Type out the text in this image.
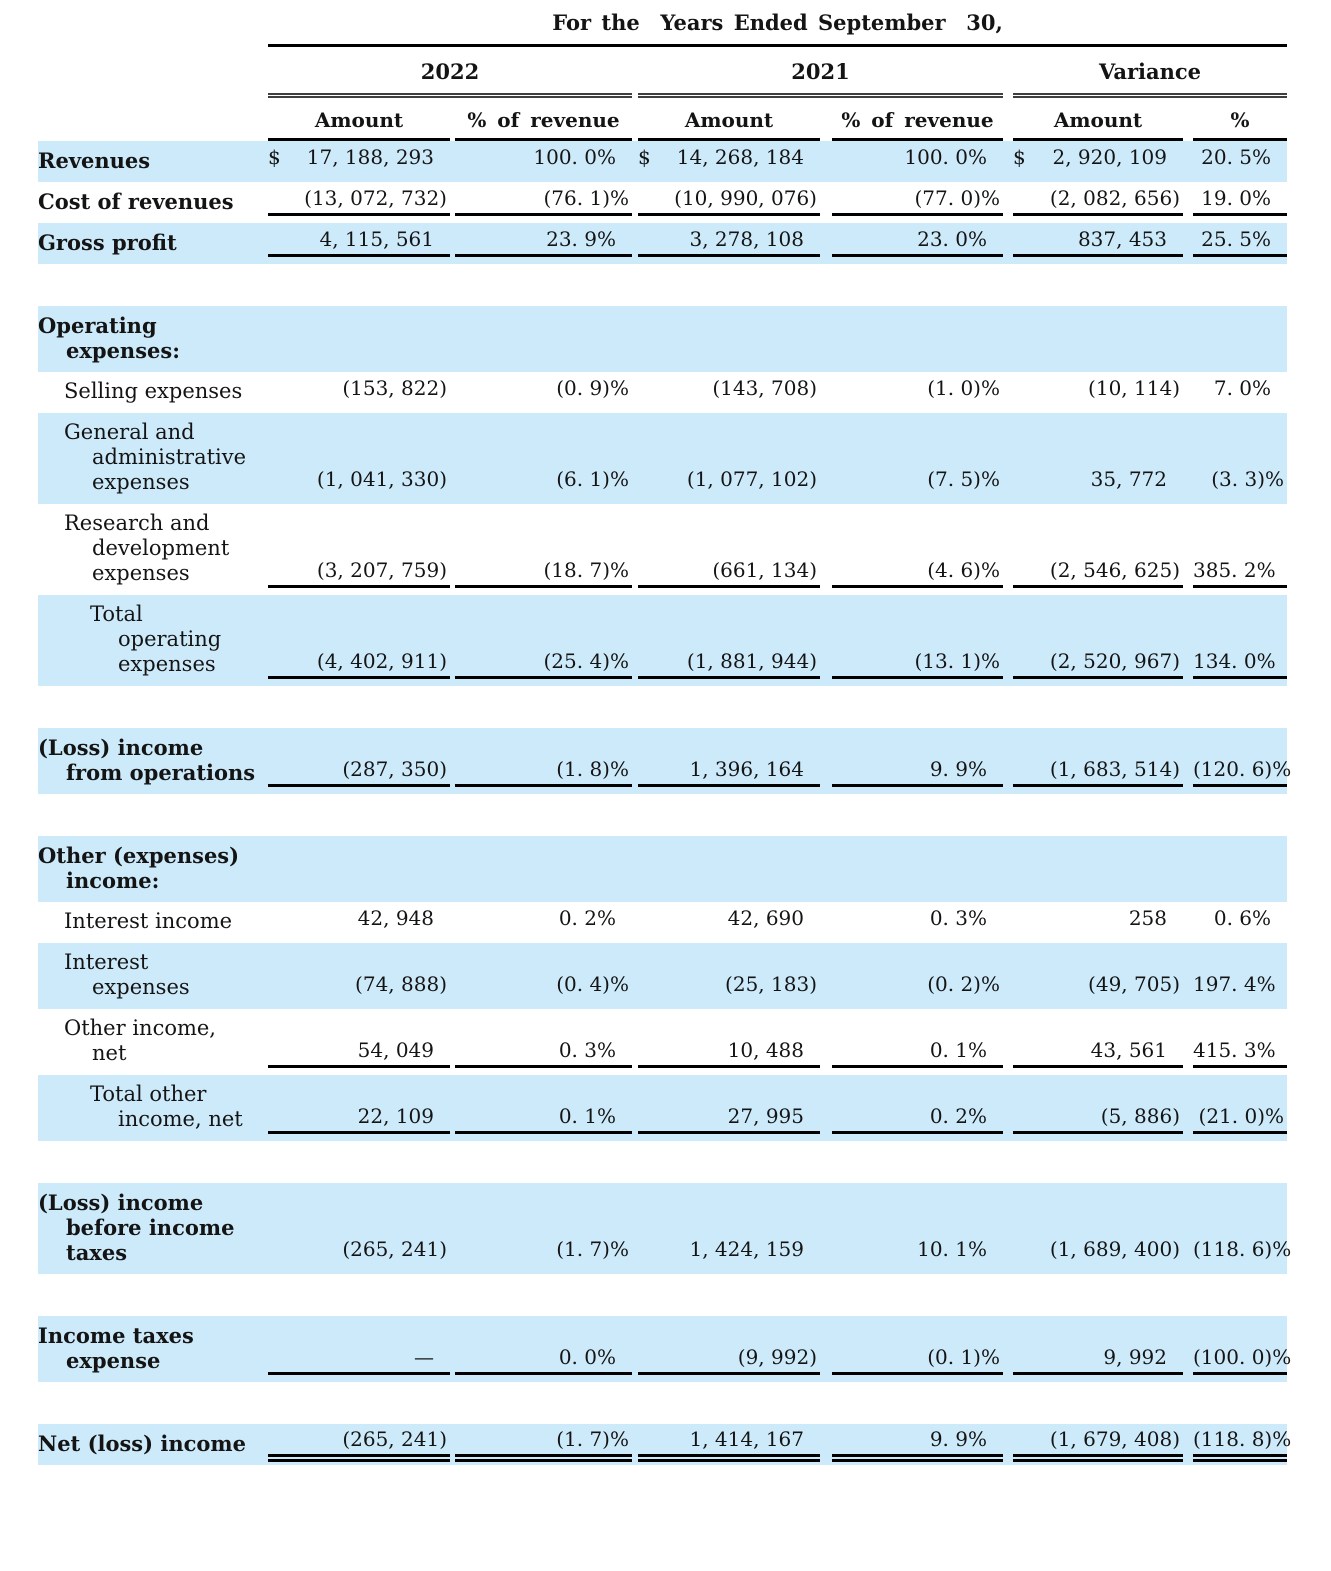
	For the  Years Ended September  30,					

	2022		2021		Variance	

	Amount	% of revenue	Amount	% of revenue	Amount	%

Revenues	$ 17, 188, 293	100. 0%	$ 14, 268, 184	100. 0%	$ 2, 920, 109	20. 5%

Cost of revenues	(13, 072, 732)	(76. 1)%	(10, 990, 076)	(77. 0)%	(2, 082, 656)	19. 0%

Gross profit	4, 115, 561	23. 9%	3, 278, 108	23. 0%	837, 453	25. 5%

Operating
expenses:						

Selling expenses	(153, 822)	(0. 9)%	(143, 708)	(1. 0)%	(10, 114)	7. 0%

General and
administrative
expenses	(1, 041, 330)	(6. 1)%	(1, 077, 102)	(7. 5)%	35, 772	(3. 3)%

Research and
development
expenses	(3, 207, 759)	(18. 7)%	(661, 134)	(4. 6)%	(2, 546, 625)	385. 2%

Total
operating
expenses	(4, 402, 911)	(25. 4)%	(1, 881, 944)	(13. 1)%	(2, 520, 967)	134. 0%

(Loss) income
from operations	(287, 350)	(1. 8)%	1, 396, 164	9. 9%	(1, 683, 514)	(120. 6)%

Other (expenses)
income:						

Interest income	42, 948	0. 2%	42, 690	0. 3%	258	0. 6%

Interest
expenses	(74, 888)	(0. 4)%	(25, 183)	(0. 2)%	(49, 705)	197. 4%

Other income,
net	54, 049	0. 3%	10, 488	0. 1%	43, 561	415. 3%

Total other
income, net	22, 109	0. 1%	27, 995	0. 2%	(5, 886)	(21. 0)%

(Loss) income
before income
taxes	(265, 241)	(1. 7)%	1, 424, 159	10. 1%	(1, 689, 400)	(118. 6)%

Income taxes
expense	—	0. 0%	(9, 992)	(0. 1)%	9, 992	(100. 0)%

Net (loss) income	(265, 241)	(1. 7)%	1, 414, 167	9. 9%	(1, 679, 408)	(118. 8)%
